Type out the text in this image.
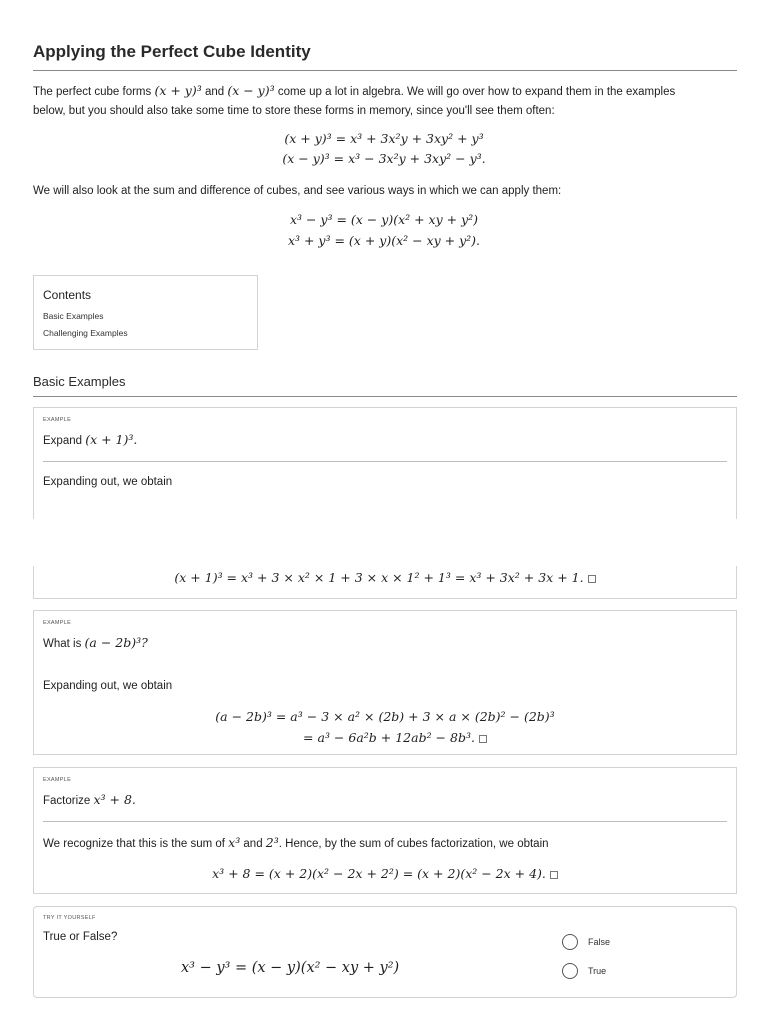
Applying the Perfect Cube Identity
The perfect cube forms (x + y)³ and (x − y)³ come up a lot in algebra. We will go over how to expand them in the examples
below, but you should also take some time to store these forms in memory, since you'll see them often:
(x + y)³ = x³ + 3x²y + 3xy² + y³
(x − y)³ = x³ − 3x²y + 3xy² − y³.
We will also look at the sum and difference of cubes, and see various ways in which we can apply them:
x³ − y³ = (x − y)(x² + xy + y²)
x³ + y³ = (x + y)(x² − xy + y²).
Contents
Basic Examples
Challenging Examples
Basic Examples
EXAMPLE
Expand (x + 1)³.
Expanding out, we obtain
(x + 1)³ = x³ + 3 × x² × 1 + 3 × x × 1² + 1³ = x³ + 3x² + 3x + 1.
EXAMPLE
What is (a − 2b)³?
Expanding out, we obtain
(a − 2b)³ = a³ − 3 × a² × (2b) + 3 × a × (2b)² − (2b)³
= a³ − 6a²b + 12ab² − 8b³.
EXAMPLE
Factorize x³ + 8.
We recognize that this is the sum of x³ and 2³. Hence, by the sum of cubes factorization, we obtain
x³ + 8 = (x + 2)(x² − 2x + 2²) = (x + 2)(x² − 2x + 4).
TRY IT YOURSELF
True or False?
x³ − y³ = (x − y)(x² − xy + y²)
False
True
